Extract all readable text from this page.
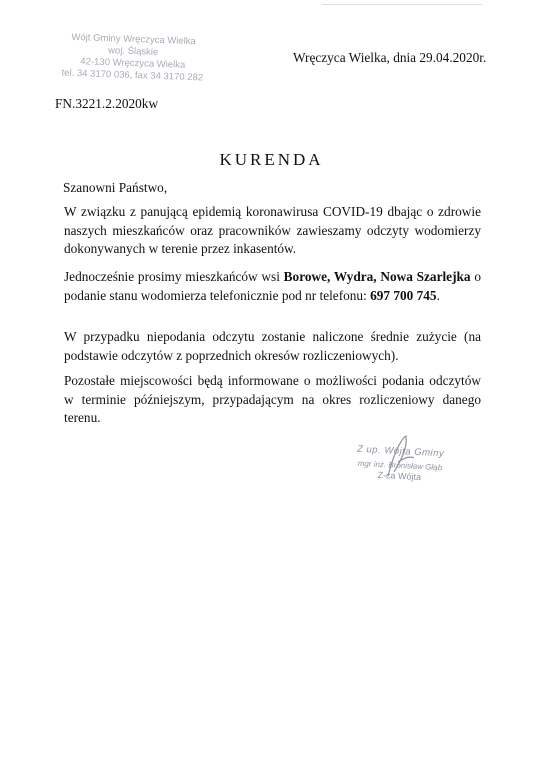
Wójt Gminy Wręczyca Wielka
woj. Śląskie
42-130 Wręczyca Wielka
tel. 34 3170 036, fax 34 3170 282
Wręczyca Wielka, dnia 29.04.2020r.
FN.3221.2.2020kw
KURENDA
Szanowni Państwo,
W związku z panującą epidemią koronawirusa COVID-19 dbając o zdrowie naszych mieszkańców oraz pracowników zawieszamy odczyty wodomierzy dokonywanych w terenie przez inkasentów.
Jednocześnie prosimy mieszkańców wsi Borowe, Wydra, Nowa Szarlejka o podanie stanu wodomierza telefonicznie pod nr telefonu: 697 700 745.
W przypadku niepodania odczytu zostanie naliczone średnie zużycie (na podstawie odczytów z poprzednich okresów rozliczeniowych).
Pozostałe miejscowości będą informowane o możliwości podania odczytów w terminie późniejszym, przypadającym na okres rozliczeniowy danego terenu.
Z up. Wójta Gminy
mgr inż. Bronisław Głąb
Z-ca Wójta
